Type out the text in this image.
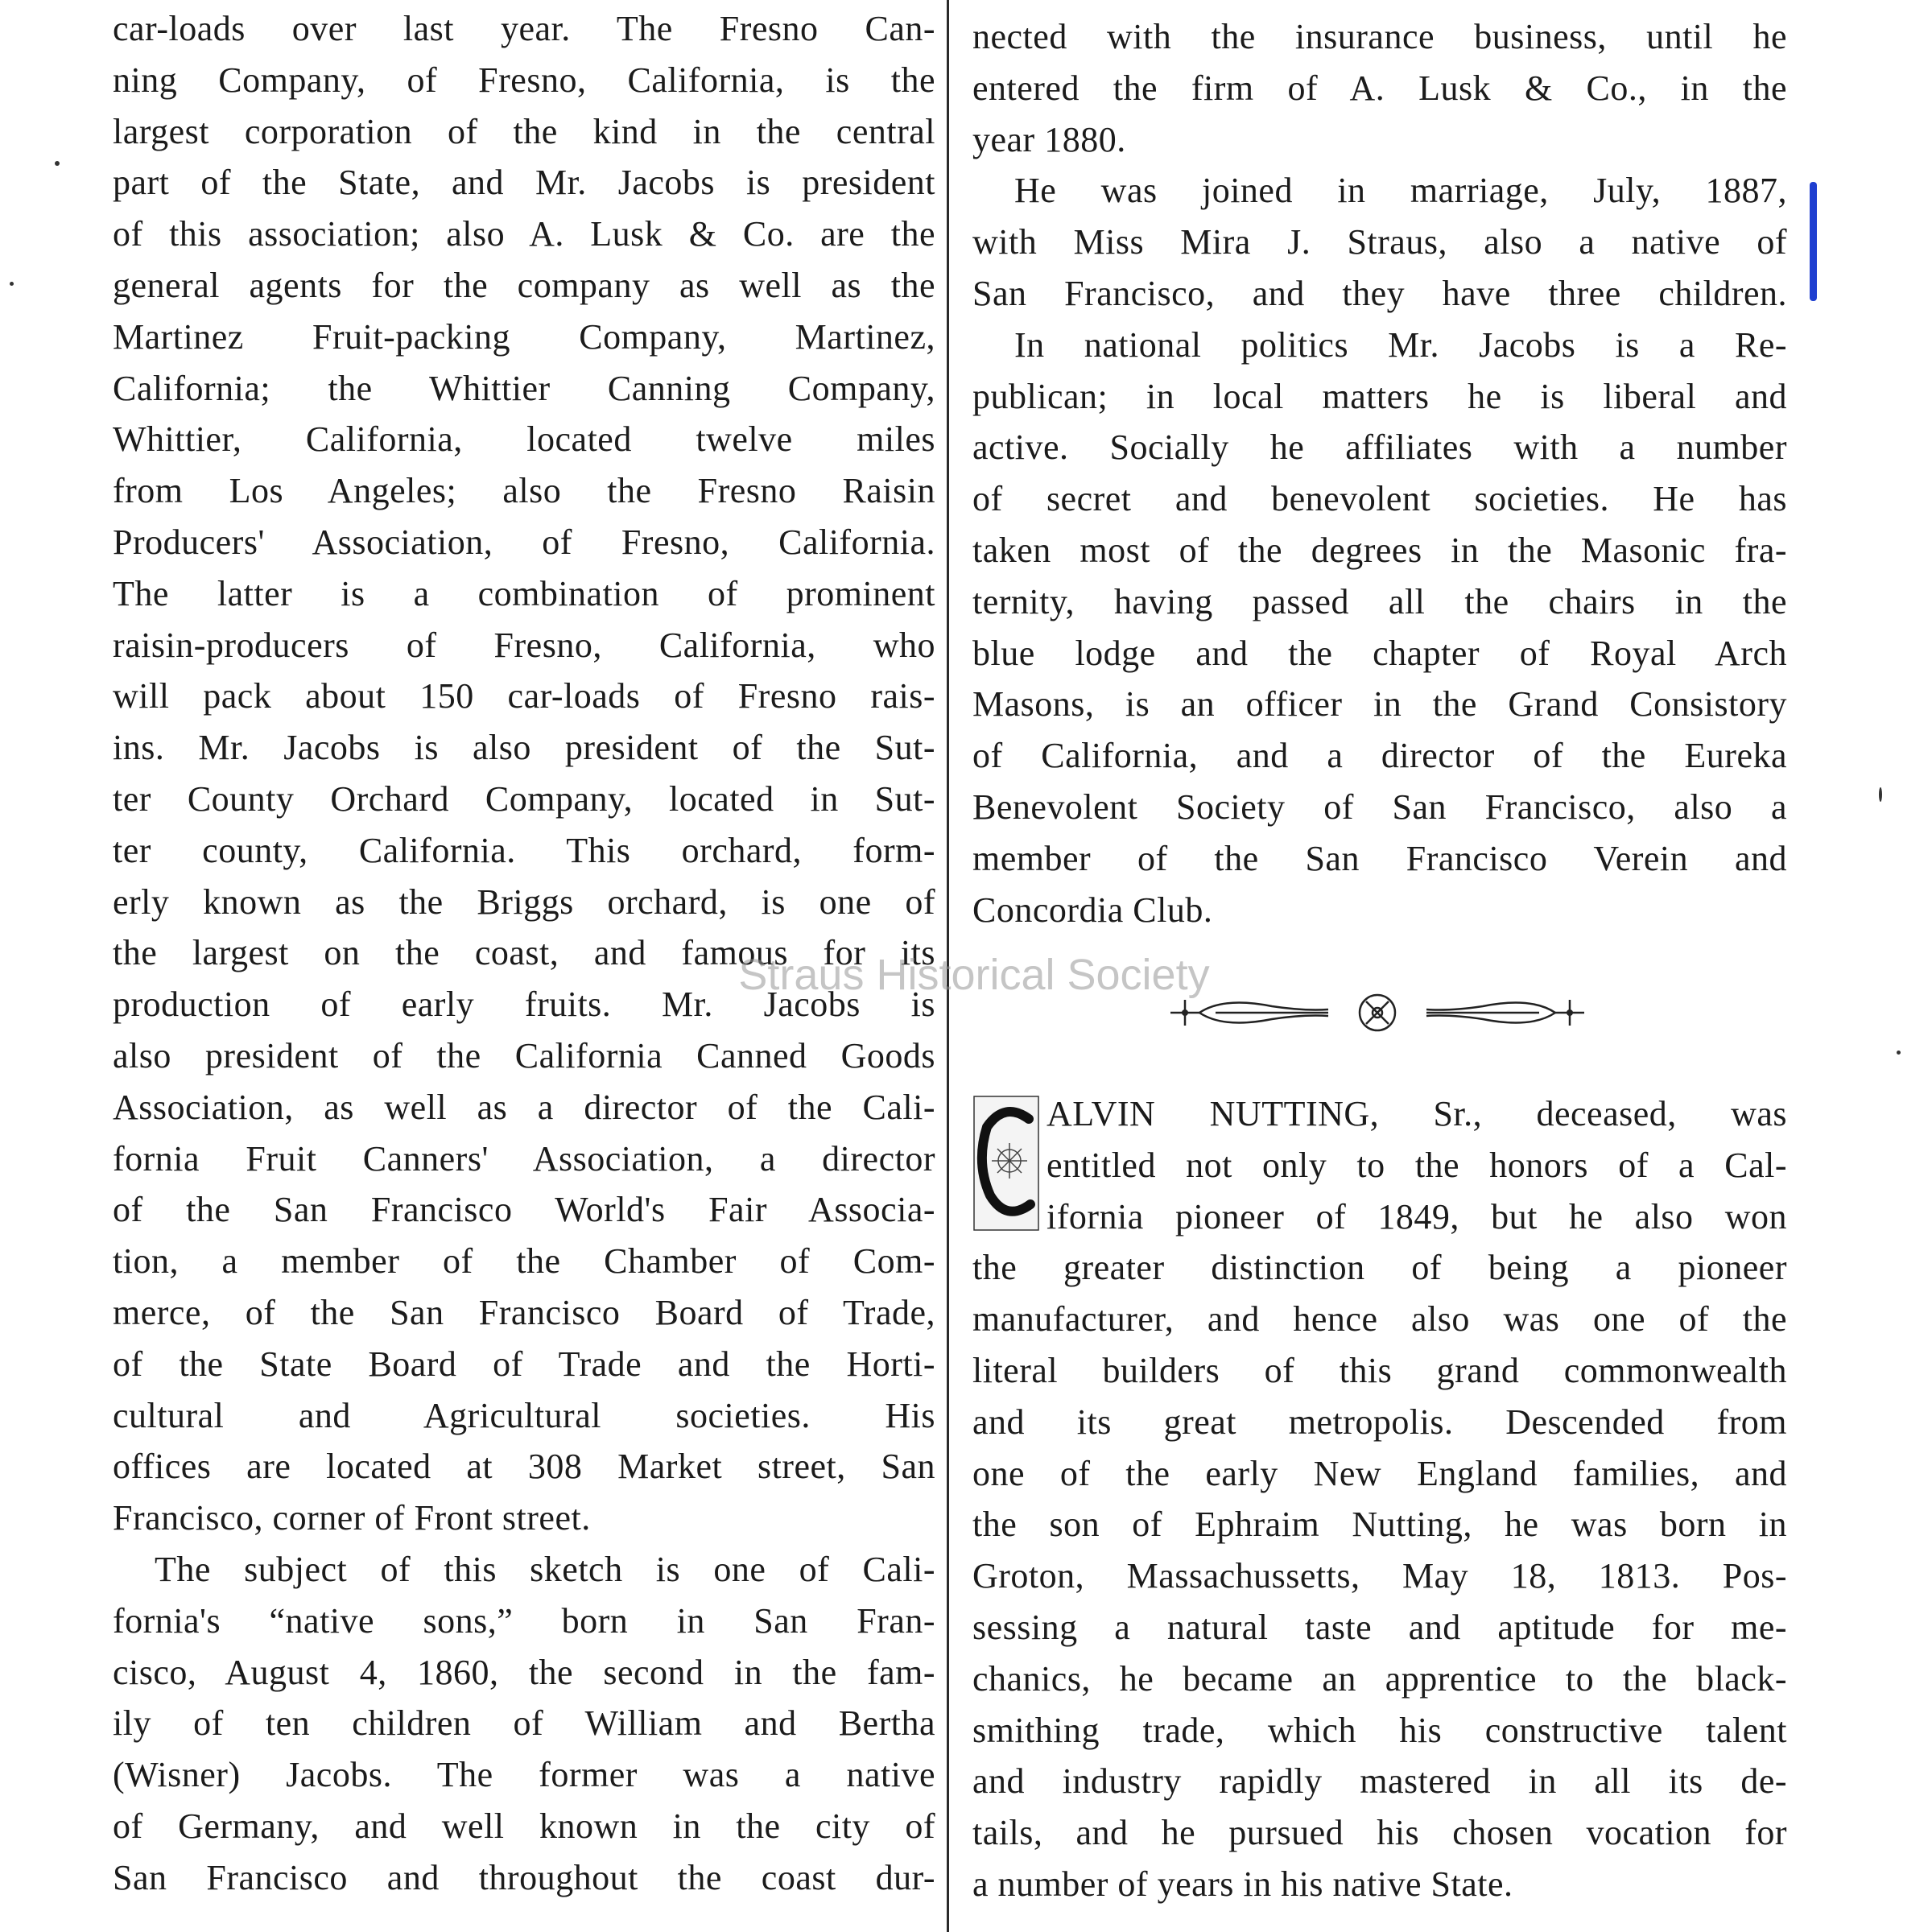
car-loads over last year. The Fresno Can-
ning Company, of Fresno, California, is the
largest corporation of the kind in the central
part of the State, and Mr. Jacobs is president
of this association; also A. Lusk & Co. are the
general agents for the company as well as the
Martinez Fruit-packing Company, Martinez,
California; the Whittier Canning Company,
Whittier, California, located twelve miles
from Los Angeles; also the Fresno Raisin
Producers' Association, of Fresno, California.
The latter is a combination of prominent
raisin-producers of Fresno, California, who
will pack about 150 car-loads of Fresno rais-
ins. Mr. Jacobs is also president of the Sut-
ter County Orchard Company, located in Sut-
ter county, California. This orchard, form-
erly known as the Briggs orchard, is one of
the largest on the coast, and famous for its
production of early fruits. Mr. Jacobs is
also president of the California Canned Goods
Association, as well as a director of the Cali-
fornia Fruit Canners' Association, a director
of the San Francisco World's Fair Associa-
tion, a member of the Chamber of Com-
merce, of the San Francisco Board of Trade,
of the State Board of Trade and the Horti-
cultural and Agricultural societies. His
offices are located at 308 Market street, San
Francisco, corner of Front street.
The subject of this sketch is one of Cali-
fornia's “native sons,” born in San Fran-
cisco, August 4, 1860, the second in the fam-
ily of ten children of William and Bertha
(Wisner) Jacobs. The former was a native
of Germany, and well known in the city of
San Francisco and throughout the coast dur-
nected with the insurance business, until he
entered the firm of A. Lusk & Co., in the
year 1880.
He was joined in marriage, July, 1887,
with Miss Mira J. Straus, also a native of
San Francisco, and they have three children.
In national politics Mr. Jacobs is a Re-
publican; in local matters he is liberal and
active. Socially he affiliates with a number
of secret and benevolent societies. He has
taken most of the degrees in the Masonic fra-
ternity, having passed all the chairs in the
blue lodge and the chapter of Royal Arch
Masons, is an officer in the Grand Consistory
of California, and a director of the Eureka
Benevolent Society of San Francisco, also a
member of the San Francisco Verein and
Concordia Club.
ALVIN NUTTING, Sr., deceased, was
entitled not only to the honors of a Cal-
ifornia pioneer of 1849, but he also won
the greater distinction of being a pioneer
manufacturer, and hence also was one of the
literal builders of this grand commonwealth
and its great metropolis. Descended from
one of the early New England families, and
the son of Ephraim Nutting, he was born in
Groton, Massachussetts, May 18, 1813. Pos-
sessing a natural taste and aptitude for me-
chanics, he became an apprentice to the black-
smithing trade, which his constructive talent
and industry rapidly mastered in all its de-
tails, and he pursued his chosen vocation for
a number of years in his native State.
Straus Historical Society
